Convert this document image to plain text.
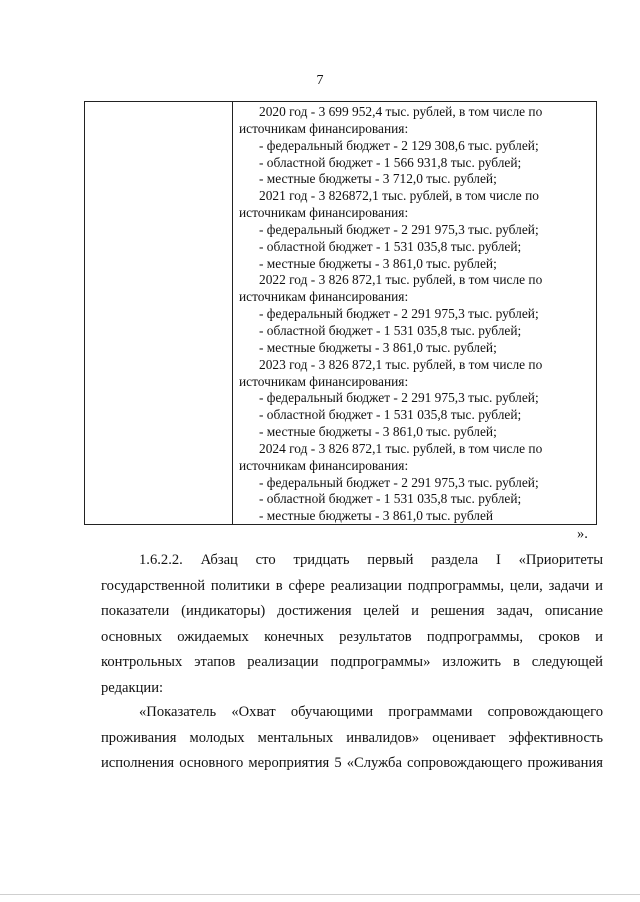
7
2020 год - 3 699 952,4 тыс. рублей, в том числе по
источникам финансирования:
- федеральный бюджет - 2 129 308,6 тыс. рублей;
- областной бюджет - 1 566 931,8 тыс. рублей;
- местные бюджеты - 3 712,0 тыс. рублей;
2021 год - 3 826872,1 тыс. рублей, в том числе по
источникам финансирования:
- федеральный бюджет - 2 291 975,3 тыс. рублей;
- областной бюджет - 1 531 035,8 тыс. рублей;
- местные бюджеты - 3 861,0 тыс. рублей;
2022 год - 3 826 872,1 тыс. рублей, в том числе по
источникам финансирования:
- федеральный бюджет - 2 291 975,3 тыс. рублей;
- областной бюджет - 1 531 035,8 тыс. рублей;
- местные бюджеты - 3 861,0 тыс. рублей;
2023 год - 3 826 872,1 тыс. рублей, в том числе по
источникам финансирования:
- федеральный бюджет - 2 291 975,3 тыс. рублей;
- областной бюджет - 1 531 035,8 тыс. рублей;
- местные бюджеты - 3 861,0 тыс. рублей;
2024 год - 3 826 872,1 тыс. рублей, в том числе по
источникам финансирования:
- федеральный бюджет - 2 291 975,3 тыс. рублей;
- областной бюджет - 1 531 035,8 тыс. рублей;
- местные бюджеты - 3 861,0 тыс. рублей
».
1.6.2.2. Абзац сто тридцать первый раздела I «Приоритеты
государственной политики в сфере реализации подпрограммы, цели, задачи и
показатели (индикаторы) достижения целей и решения задач, описание
основных ожидаемых конечных результатов подпрограммы, сроков и
контрольных этапов реализации подпрограммы» изложить в следующей
редакции:
«Показатель «Охват обучающими программами сопровождающего
проживания молодых ментальных инвалидов» оценивает эффективность
исполнения основного мероприятия 5 «Служба сопровождающего проживания
